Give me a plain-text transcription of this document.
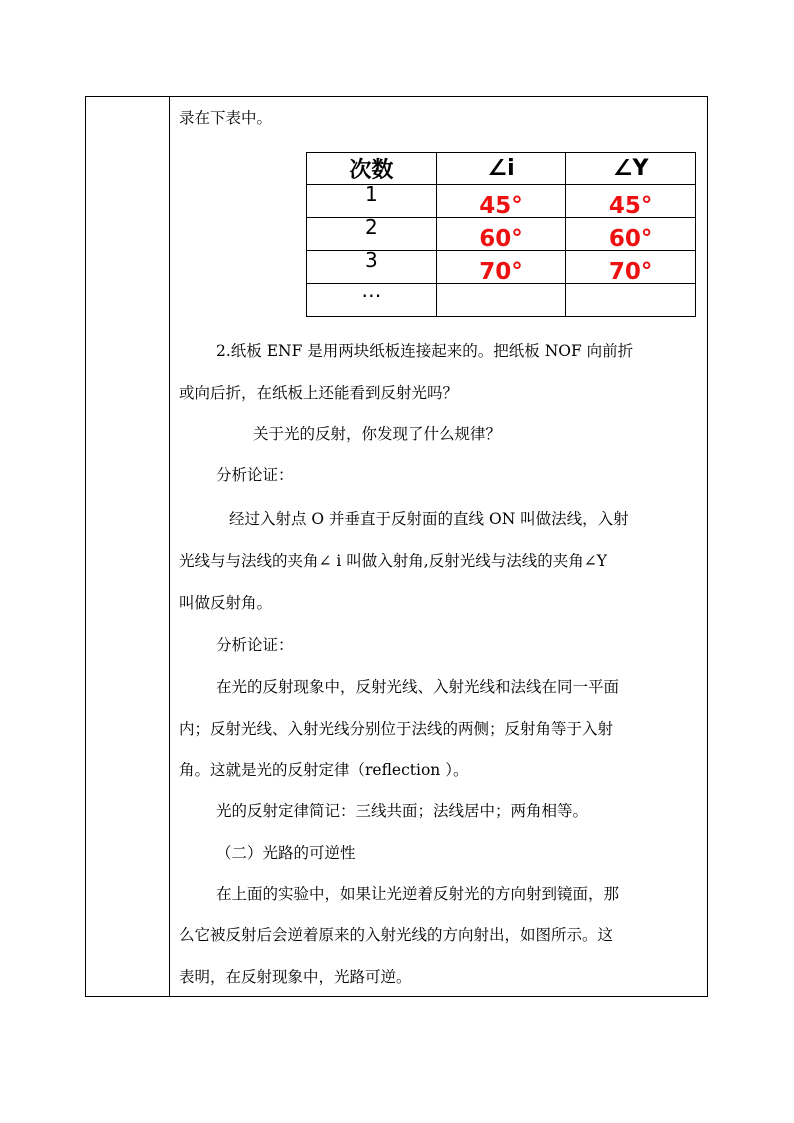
录在下表中。
次数	∠i	∠Y

1	45°	45°

2	60°	60°

3	70°	70°

…		

2.纸板 ENF 是用两块纸板连接起来的。把纸板 NOF 向前折
或向后折，在纸板上还能看到反射光吗？
关于光的反射，你发现了什么规律？
分析论证：
经过入射点 O 并垂直于反射面的直线 ON 叫做法线，入射
光线与与法线的夹角∠ i 叫做入射角,反射光线与法线的夹角∠Y
叫做反射角。
分析论证：
在光的反射现象中，反射光线、入射光线和法线在同一平面
内；反射光线、入射光线分别位于法线的两侧；反射角等于入射
角。这就是光的反射定律（reflection ）。
光的反射定律简记：三线共面；法线居中；两角相等。
（二）光路的可逆性
在上面的实验中，如果让光逆着反射光的方向射到镜面，那
么它被反射后会逆着原来的入射光线的方向射出，如图所示。这
表明，在反射现象中，光路可逆。
